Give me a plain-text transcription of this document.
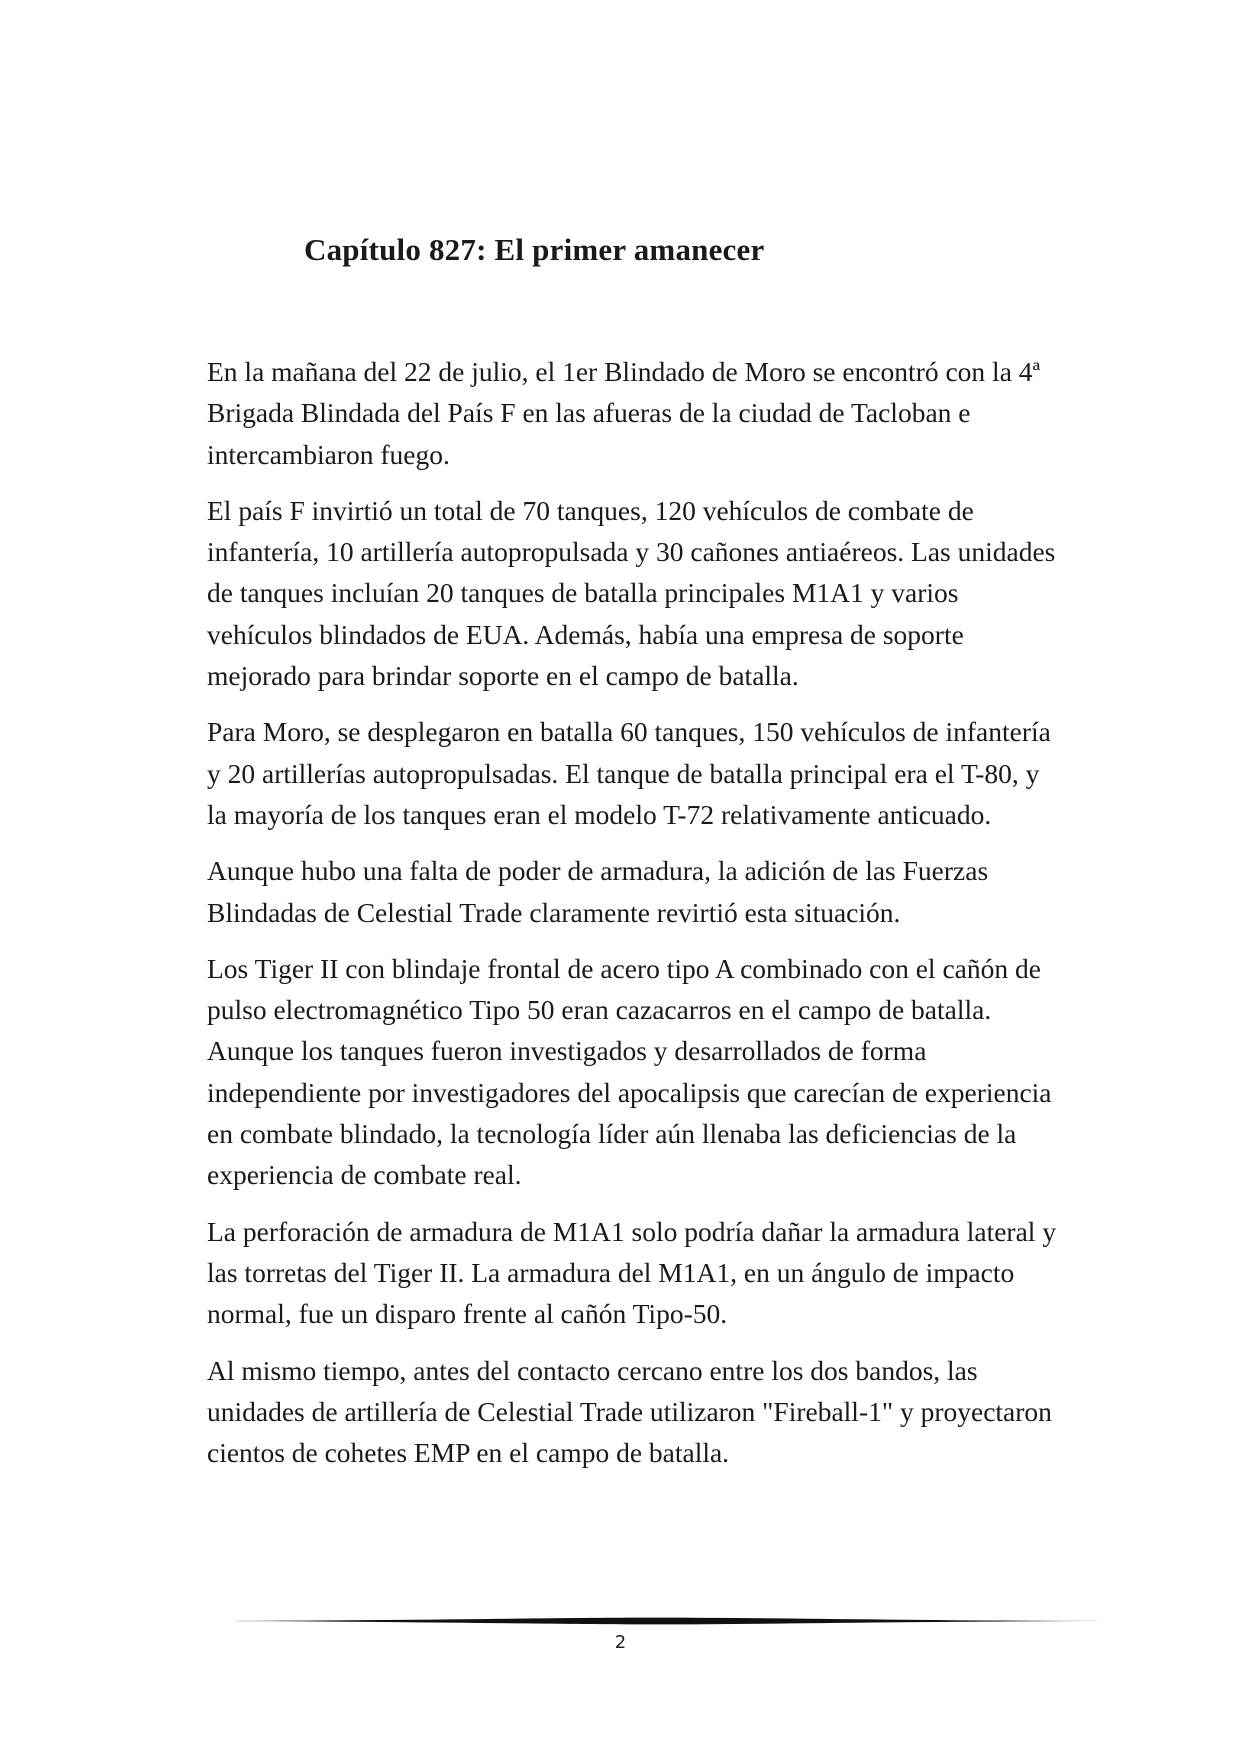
Capítulo 827: El primer amanecer

En la mañana del 22 de julio, el 1er Blindado de Moro se encontró con la 4ª Brigada Blindada del País F en las afueras de la ciudad de Tacloban e intercambiaron fuego.

El país F invirtió un total de 70 tanques, 120 vehículos de combate de infantería, 10 artillería autopropulsada y 30 cañones antiaéreos. Las unidades de tanques incluían 20 tanques de batalla principales M1A1 y varios vehículos blindados de EUA. Además, había una empresa de soporte mejorado para brindar soporte en el campo de batalla.

Para Moro, se desplegaron en batalla 60 tanques, 150 vehículos de infantería y 20 artillerías autopropulsadas. El tanque de batalla principal era el T-80, y la mayoría de los tanques eran el modelo T-72 relativamente anticuado.

Aunque hubo una falta de poder de armadura, la adición de las Fuerzas Blindadas de Celestial Trade claramente revirtió esta situación.

Los Tiger II con blindaje frontal de acero tipo A combinado con el cañón de pulso electromagnético Tipo 50 eran cazacarros en el campo de batalla. Aunque los tanques fueron investigados y desarrollados de forma independiente por investigadores del apocalipsis que carecían de experiencia en combate blindado, la tecnología líder aún llenaba las deficiencias de la experiencia de combate real.

La perforación de armadura de M1A1 solo podría dañar la armadura lateral y las torretas del Tiger II. La armadura del M1A1, en un ángulo de impacto normal, fue un disparo frente al cañón Tipo-50.

Al mismo tiempo, antes del contacto cercano entre los dos bandos, las unidades de artillería de Celestial Trade utilizaron "Fireball-1" y proyectaron cientos de cohetes EMP en el campo de batalla.

2
